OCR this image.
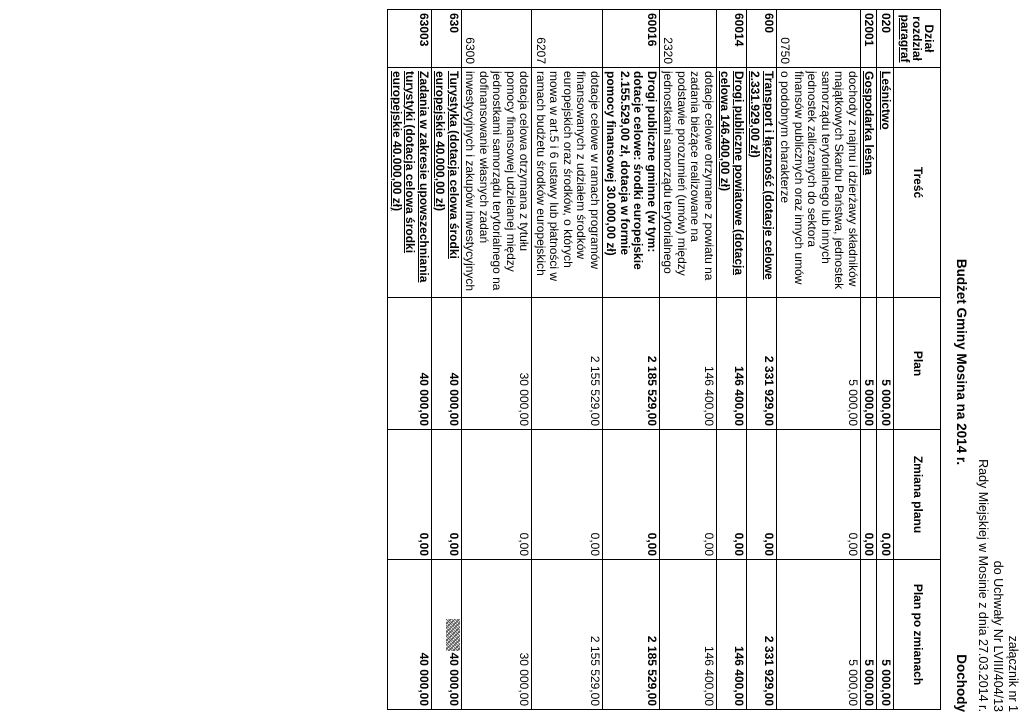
załącznik nr 1
do Uchwały Nr LVIII/404/13
Rady Miejskiej w Mosinie z dnia 27.03.2014 r.
Budżet Gminy Mosina na 2014 r.
Dochody
Dział
rozdział
paragraf	Treść	Plan	Zmiana planu	Plan po zmianach
020	Leśnictwo	5 000,00	0,00	5 000,00
02001	Gospodarka leśna	5 000,00	0,00	5 000,00
0750	dochody z najmu i dzierżawy składników majątkowych Skarbu Państwa, jednostek samorządu terytorialnego lub innych jednostek zaliczanych do sektora finansów publicznych oraz innych umów o podobnym charakterze	5 000,00	0,00	5 000,00
600	Transport i łączność (dotacje celowe 2.331.929,00 zł)	2 331 929,00	0,00	2 331 929,00
60014	Drogi publiczne powiatowe (dotacja celowa 146.400,00 zł)	146 400,00	0,00	146 400,00
2320	dotacje celowe otrzymane z powiatu na zadania bieżące realizowane na podstawie porozumień (umów) między jednostkami samorządu terytorialnego	146 400,00	0,00	146 400,00
60016	Drogi publiczne gminne (w tym: dotacje celowe: środki europejskie 2.155.529,00 zł, dotacja w formie pomocy finansowej 30.000,00 zł)	2 185 529,00	0,00	2 185 529,00
6207	dotacje celowe w ramach programów finansowanych z udziałem środków europejskich oraz środków, o których mowa w art.5 i 6 ustawy lub płatności w ramach budżetu środków europejskich	2 155 529,00	0,00	2 155 529,00
6300	dotacja celowa otrzymana z tytułu pomocy finansowej udzielanej między jednostkami samorządu terytorialnego na dofinansowanie własnych zadań inwestycyjnych i zakupów inwestycyjnych	30 000,00	0,00	30 000,00
630	Turystyka (dotacja celowa środki europejskie 40.000,00 zł)	40 000,00	0,00	40 000,00
63003	Zadania w zakresie upowszechniania turystyki (dotacja celowa środki europejskie 40.000,00 zł)	40 000,00	0,00	40 000,00
